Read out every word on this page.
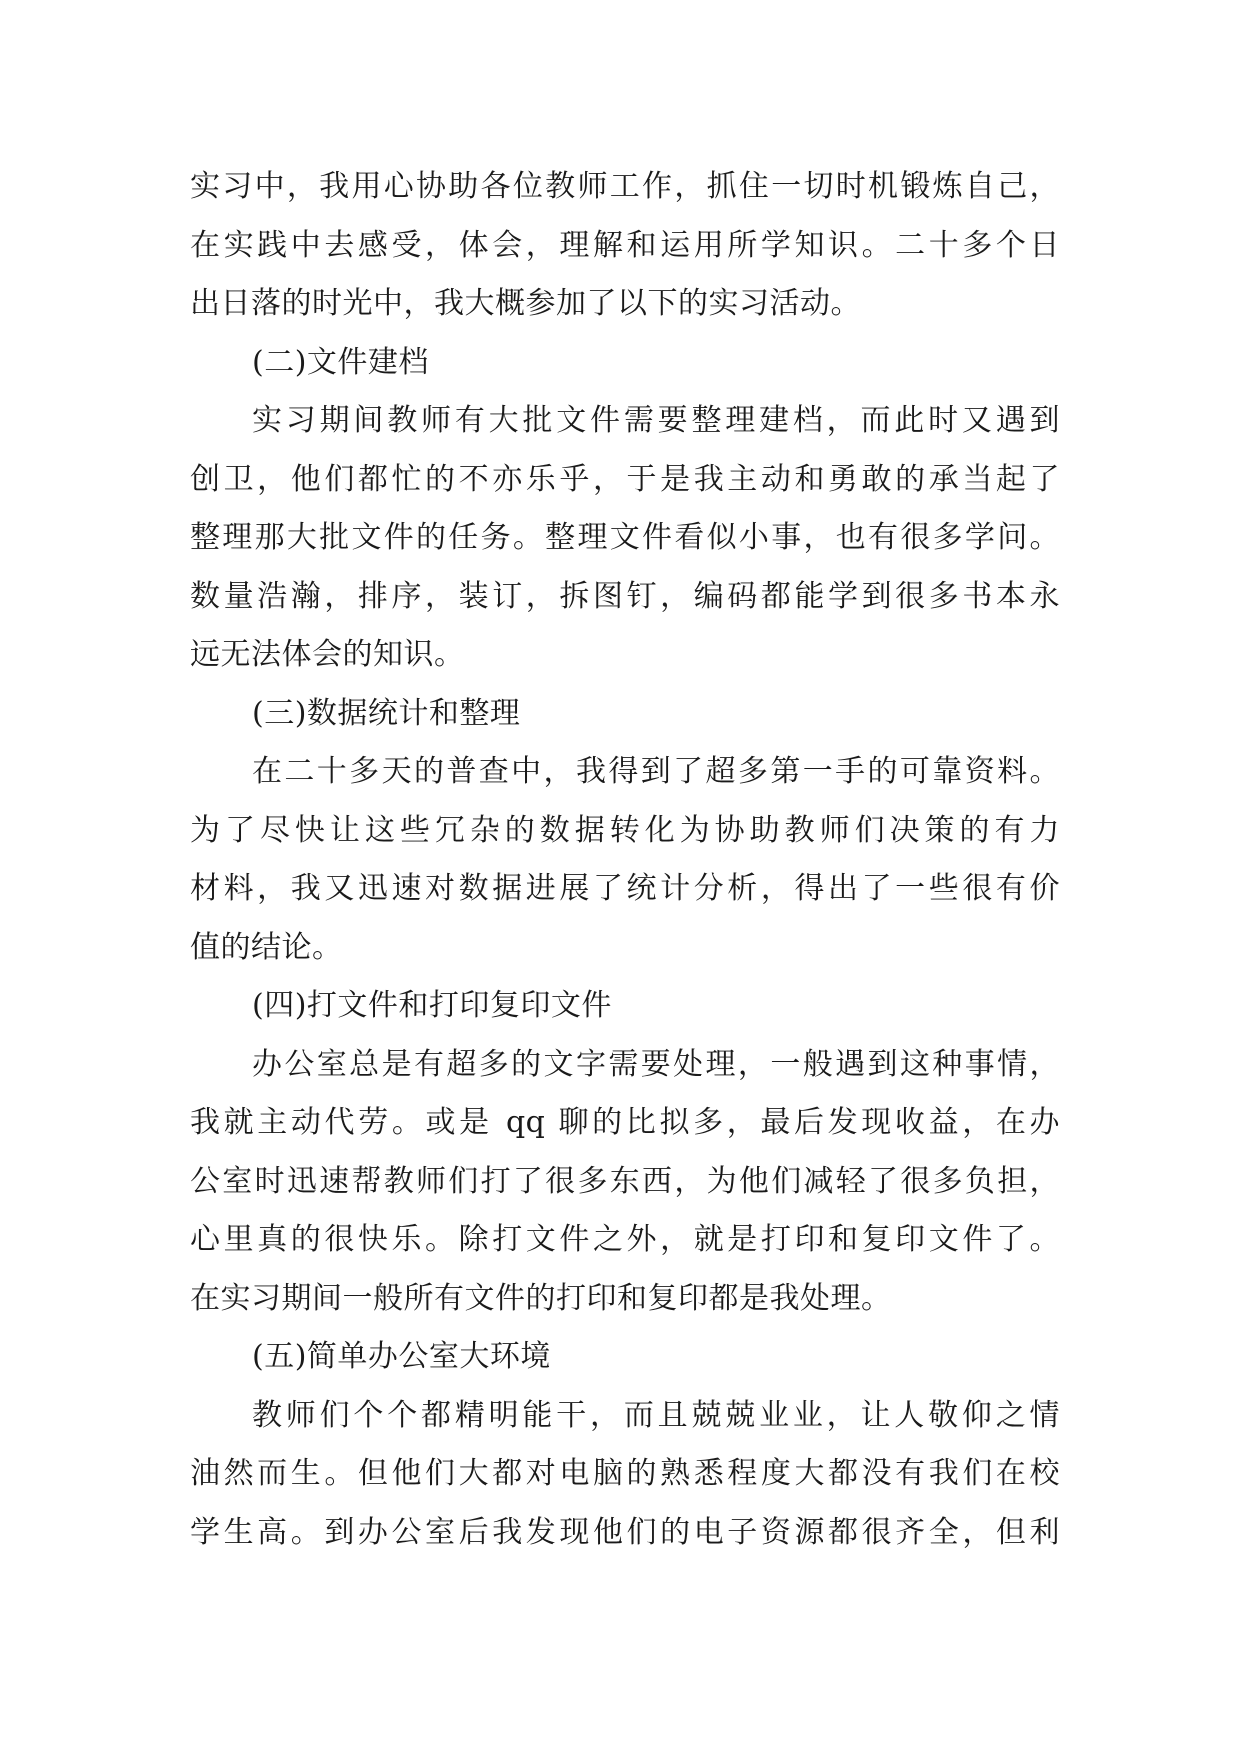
实习中，我用心协助各位教师工作，抓住一切时机锻炼自己，
在实践中去感受，体会，理解和运用所学知识。二十多个日
出日落的时光中，我大概参加了以下的实习活动。
(二)文件建档
实习期间教师有大批文件需要整理建档，而此时又遇到
创卫，他们都忙的不亦乐乎，于是我主动和勇敢的承当起了
整理那大批文件的任务。整理文件看似小事，也有很多学问。
数量浩瀚，排序，装订，拆图钉，编码都能学到很多书本永
远无法体会的知识。
(三)数据统计和整理
在二十多天的普查中，我得到了超多第一手的可靠资料。
为了尽快让这些冗杂的数据转化为协助教师们决策的有力
材料，我又迅速对数据进展了统计分析，得出了一些很有价
值的结论。
(四)打文件和打印复印文件
办公室总是有超多的文字需要处理，一般遇到这种事情，
我就主动代劳。或是 qq 聊的比拟多，最后发现收益，在办
公室时迅速帮教师们打了很多东西，为他们减轻了很多负担，
心里真的很快乐。除打文件之外，就是打印和复印文件了。
在实习期间一般所有文件的打印和复印都是我处理。
(五)简单办公室大环境
教师们个个都精明能干，而且兢兢业业，让人敬仰之情
油然而生。但他们大都对电脑的熟悉程度大都没有我们在校
学生高。到办公室后我发现他们的电子资源都很齐全，但利
